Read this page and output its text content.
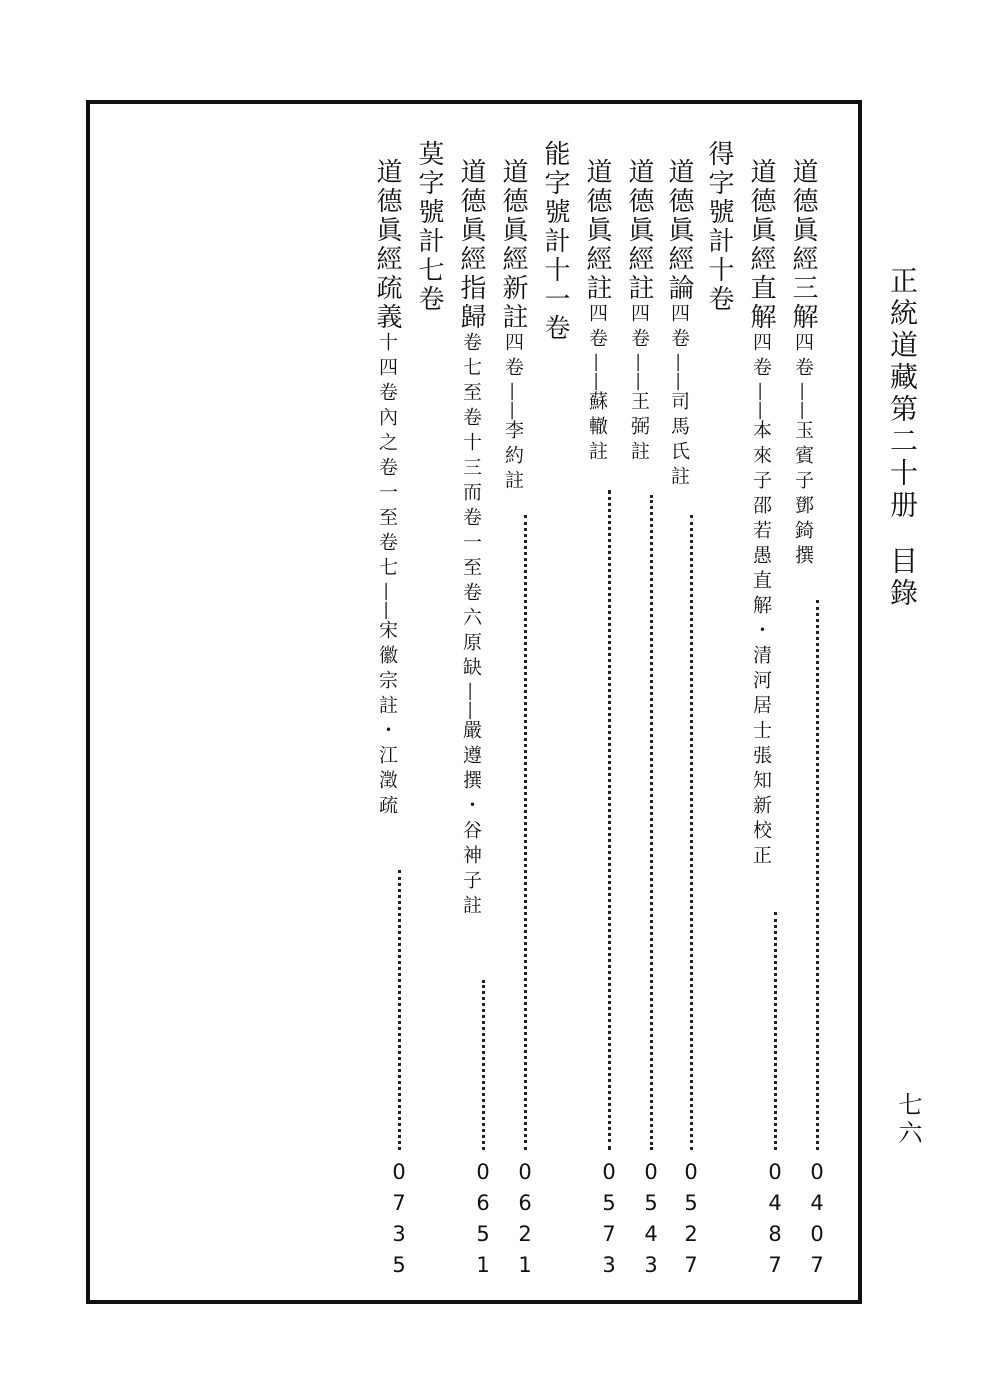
正統道藏第二十册目錄
七六
道德眞經三解四卷——玉賓子鄧錡撰
0407
道德眞經直解四卷——本來子邵若愚直解・清河居士張知新校正
0487
得字號計十卷
道德眞經論四卷——司馬氏註
0527
道德眞經註四卷——王弼註
0543
道德眞經註四卷——蘇轍註
0573
能字號計十一卷
道德眞經新註四卷——李約註
0621
道德眞經指歸卷七至卷十三而卷一至卷六原缺——嚴遵撰・谷神子註
0651
莫字號計七卷
道德眞經疏義十四卷內之卷一至卷七——宋徽宗註・江澂疏
0735
